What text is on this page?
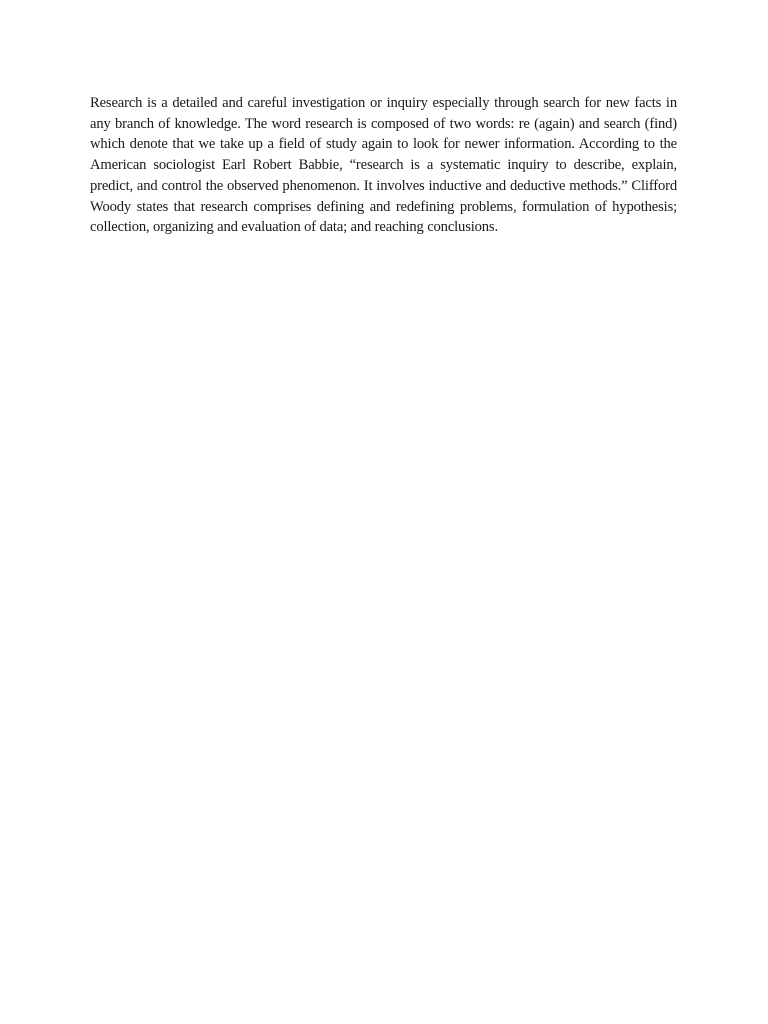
Research is a detailed and careful investigation or inquiry especially through search for new facts in any branch of knowledge. The word research is composed of two words: re (again) and search (find) which denote that we take up a field of study again to look for newer information. According to the American sociologist Earl Robert Babbie, “research is a systematic inquiry to describe, explain, predict, and control the observed phenomenon. It involves inductive and deductive methods.” Clifford Woody states that research comprises defining and redefining problems, formulation of hypothesis; collection, organizing and evaluation of data; and reaching conclusions.
